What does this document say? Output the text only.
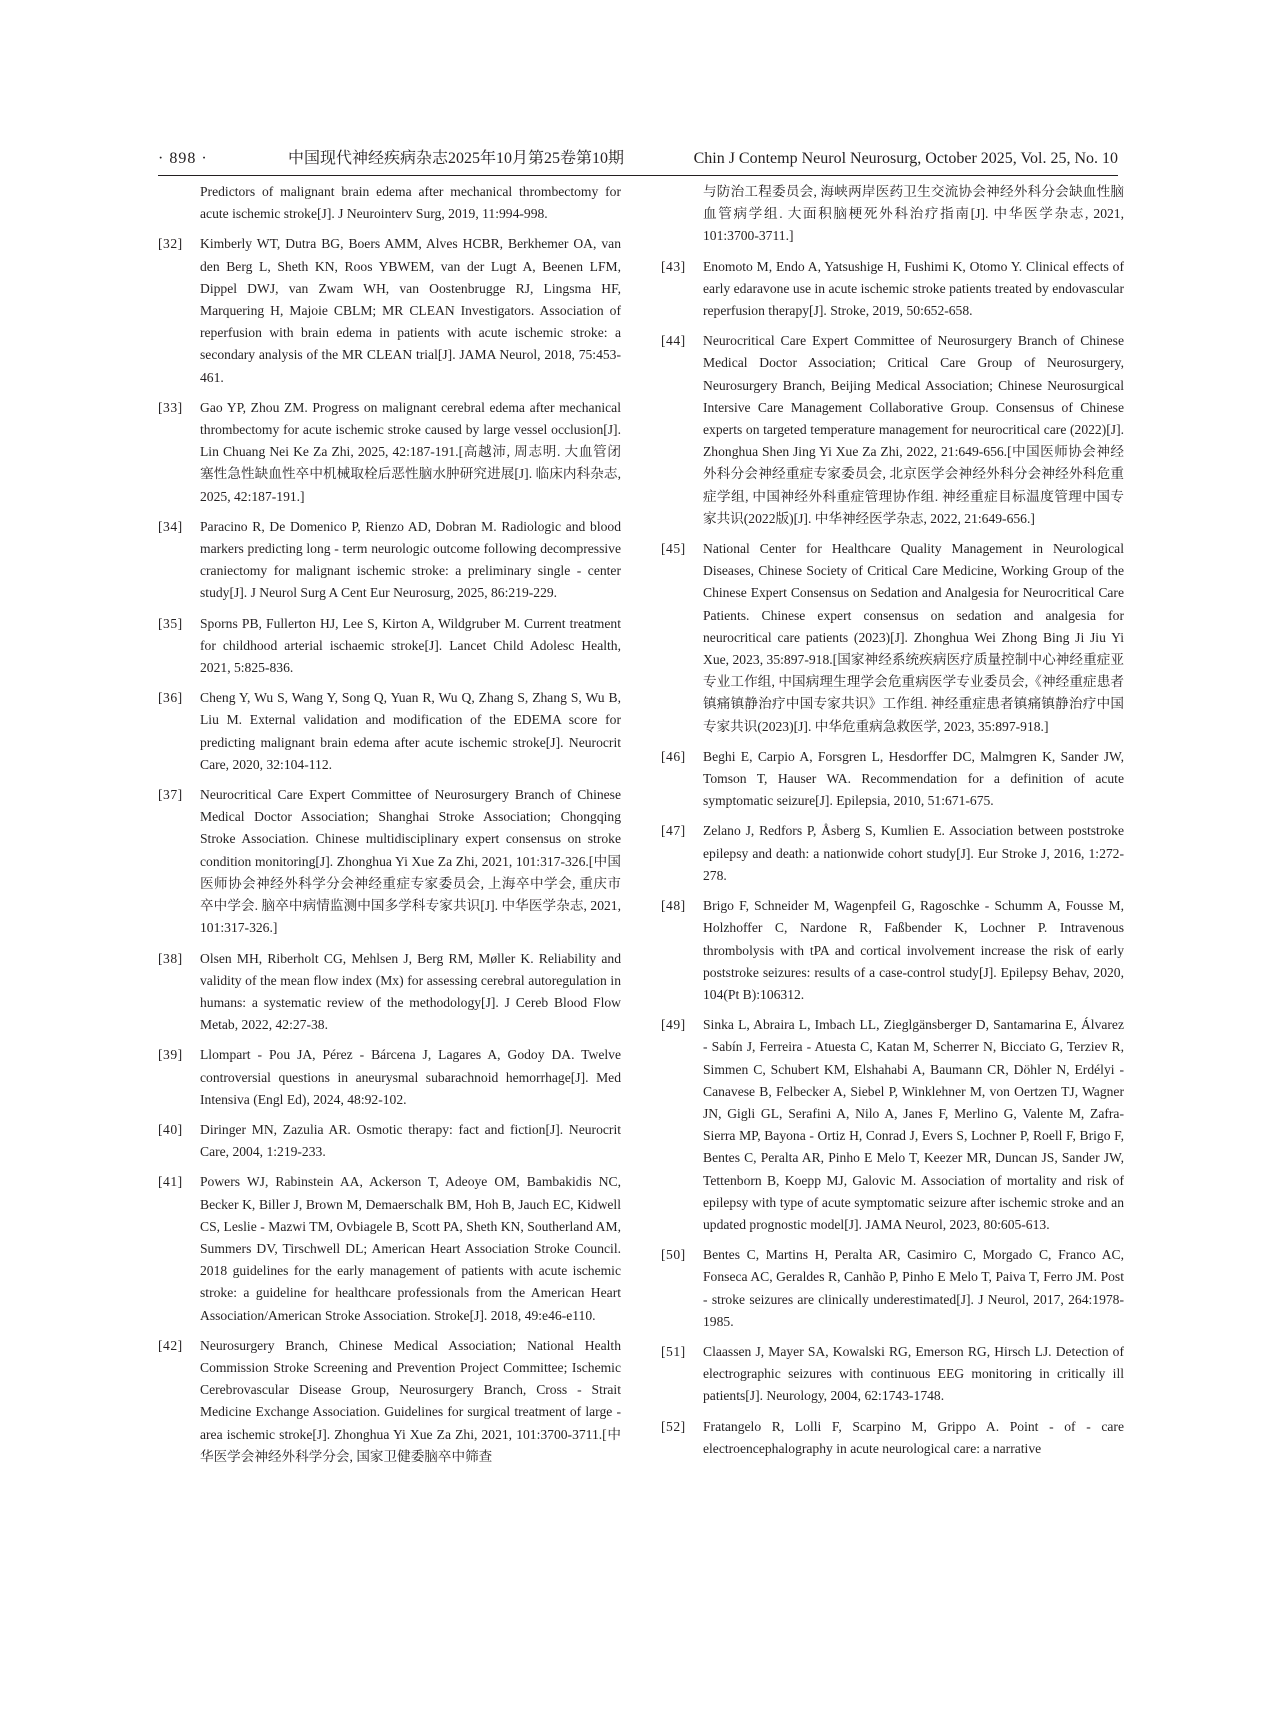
· 898 ·	中国现代神经疾病杂志2025年10月第25卷第10期	Chin J Contemp Neurol Neurosurg, October 2025, Vol. 25, No. 10
Predictors of malignant brain edema after mechanical thrombectomy for acute ischemic stroke[J]. J Neurointerv Surg, 2019, 11:994-998.
[32] Kimberly WT, Dutra BG, Boers AMM, Alves HCBR, Berkhemer OA, van den Berg L, Sheth KN, Roos YBWEM, van der Lugt A, Beenen LFM, Dippel DWJ, van Zwam WH, van Oostenbrugge RJ, Lingsma HF, Marquering H, Majoie CBLM; MR CLEAN Investigators. Association of reperfusion with brain edema in patients with acute ischemic stroke: a secondary analysis of the MR CLEAN trial[J]. JAMA Neurol, 2018, 75:453-461.
[33] Gao YP, Zhou ZM. Progress on malignant cerebral edema after mechanical thrombectomy for acute ischemic stroke caused by large vessel occlusion[J]. Lin Chuang Nei Ke Za Zhi, 2025, 42:187-191.[高越沛, 周志明. 大血管闭塞性急性缺血性卒中机械取栓后恶性脑水肿研究进展[J]. 临床内科杂志, 2025, 42:187-191.]
[34] Paracino R, De Domenico P, Rienzo AD, Dobran M. Radiologic and blood markers predicting long - term neurologic outcome following decompressive craniectomy for malignant ischemic stroke: a preliminary single - center study[J]. J Neurol Surg A Cent Eur Neurosurg, 2025, 86:219-229.
[35] Sporns PB, Fullerton HJ, Lee S, Kirton A, Wildgruber M. Current treatment for childhood arterial ischaemic stroke[J]. Lancet Child Adolesc Health, 2021, 5:825-836.
[36] Cheng Y, Wu S, Wang Y, Song Q, Yuan R, Wu Q, Zhang S, Zhang S, Wu B, Liu M. External validation and modification of the EDEMA score for predicting malignant brain edema after acute ischemic stroke[J]. Neurocrit Care, 2020, 32:104-112.
[37] Neurocritical Care Expert Committee of Neurosurgery Branch of Chinese Medical Doctor Association; Shanghai Stroke Association; Chongqing Stroke Association. Chinese multidisciplinary expert consensus on stroke condition monitoring[J]. Zhonghua Yi Xue Za Zhi, 2021, 101:317-326.[中国医师协会神经外科学分会神经重症专家委员会, 上海卒中学会, 重庆市卒中学会. 脑卒中病情监测中国多学科专家共识[J]. 中华医学杂志, 2021, 101:317-326.]
[38] Olsen MH, Riberholt CG, Mehlsen J, Berg RM, Møller K. Reliability and validity of the mean flow index (Mx) for assessing cerebral autoregulation in humans: a systematic review of the methodology[J]. J Cereb Blood Flow Metab, 2022, 42:27-38.
[39] Llompart - Pou JA, Pérez - Bárcena J, Lagares A, Godoy DA. Twelve controversial questions in aneurysmal subarachnoid hemorrhage[J]. Med Intensiva (Engl Ed), 2024, 48:92-102.
[40] Diringer MN, Zazulia AR. Osmotic therapy: fact and fiction[J]. Neurocrit Care, 2004, 1:219-233.
[41] Powers WJ, Rabinstein AA, Ackerson T, Adeoye OM, Bambakidis NC, Becker K, Biller J, Brown M, Demaerschalk BM, Hoh B, Jauch EC, Kidwell CS, Leslie - Mazwi TM, Ovbiagele B, Scott PA, Sheth KN, Southerland AM, Summers DV, Tirschwell DL; American Heart Association Stroke Council. 2018 guidelines for the early management of patients with acute ischemic stroke: a guideline for healthcare professionals from the American Heart Association/American Stroke Association. Stroke[J]. 2018, 49:e46-e110.
[42] Neurosurgery Branch, Chinese Medical Association; National Health Commission Stroke Screening and Prevention Project Committee; Ischemic Cerebrovascular Disease Group, Neurosurgery Branch, Cross - Strait Medicine Exchange Association. Guidelines for surgical treatment of large - area ischemic stroke[J]. Zhonghua Yi Xue Za Zhi, 2021, 101:3700-3711.[中华医学会神经外科学分会, 国家卫健委脑卒中筛查
与防治工程委员会, 海峡两岸医药卫生交流协会神经外科分会缺血性脑血管病学组. 大面积脑梗死外科治疗指南[J]. 中华医学杂志, 2021, 101:3700-3711.]
[43] Enomoto M, Endo A, Yatsushige H, Fushimi K, Otomo Y. Clinical effects of early edaravone use in acute ischemic stroke patients treated by endovascular reperfusion therapy[J]. Stroke, 2019, 50:652-658.
[44] Neurocritical Care Expert Committee of Neurosurgery Branch of Chinese Medical Doctor Association; Critical Care Group of Neurosurgery, Neurosurgery Branch, Beijing Medical Association; Chinese Neurosurgical Intersive Care Management Collaborative Group. Consensus of Chinese experts on targeted temperature management for neurocritical care (2022)[J]. Zhonghua Shen Jing Yi Xue Za Zhi, 2022, 21:649-656.[中国医师协会神经外科分会神经重症专家委员会, 北京医学会神经外科分会神经外科危重症学组, 中国神经外科重症管理协作组. 神经重症目标温度管理中国专家共识(2022版)[J]. 中华神经医学杂志, 2022, 21:649-656.]
[45] National Center for Healthcare Quality Management in Neurological Diseases, Chinese Society of Critical Care Medicine, Working Group of the Chinese Expert Consensus on Sedation and Analgesia for Neurocritical Care Patients. Chinese expert consensus on sedation and analgesia for neurocritical care patients (2023)[J]. Zhonghua Wei Zhong Bing Ji Jiu Yi Xue, 2023, 35:897-918.[国家神经系统疾病医疗质量控制中心神经重症亚专业工作组, 中国病理生理学会危重病医学专业委员会,《神经重症患者镇痛镇静治疗中国专家共识》工作组. 神经重症患者镇痛镇静治疗中国专家共识(2023)[J]. 中华危重病急救医学, 2023, 35:897-918.]
[46] Beghi E, Carpio A, Forsgren L, Hesdorffer DC, Malmgren K, Sander JW, Tomson T, Hauser WA. Recommendation for a definition of acute symptomatic seizure[J]. Epilepsia, 2010, 51:671-675.
[47] Zelano J, Redfors P, Åsberg S, Kumlien E. Association between poststroke epilepsy and death: a nationwide cohort study[J]. Eur Stroke J, 2016, 1:272-278.
[48] Brigo F, Schneider M, Wagenpfeil G, Ragoschke - Schumm A, Fousse M, Holzhoffer C, Nardone R, Faßbender K, Lochner P. Intravenous thrombolysis with tPA and cortical involvement increase the risk of early poststroke seizures: results of a case-control study[J]. Epilepsy Behav, 2020, 104(Pt B):106312.
[49] Sinka L, Abraira L, Imbach LL, Zieglgänsberger D, Santamarina E, Álvarez - Sabín J, Ferreira - Atuesta C, Katan M, Scherrer N, Bicciato G, Terziev R, Simmen C, Schubert KM, Elshahabi A, Baumann CR, Döhler N, Erdélyi - Canavese B, Felbecker A, Siebel P, Winklehner M, von Oertzen TJ, Wagner JN, Gigli GL, Serafini A, Nilo A, Janes F, Merlino G, Valente M, Zafra-Sierra MP, Bayona - Ortiz H, Conrad J, Evers S, Lochner P, Roell F, Brigo F, Bentes C, Peralta AR, Pinho E Melo T, Keezer MR, Duncan JS, Sander JW, Tettenborn B, Koepp MJ, Galovic M. Association of mortality and risk of epilepsy with type of acute symptomatic seizure after ischemic stroke and an updated prognostic model[J]. JAMA Neurol, 2023, 80:605-613.
[50] Bentes C, Martins H, Peralta AR, Casimiro C, Morgado C, Franco AC, Fonseca AC, Geraldes R, Canhão P, Pinho E Melo T, Paiva T, Ferro JM. Post - stroke seizures are clinically underestimated[J]. J Neurol, 2017, 264:1978-1985.
[51] Claassen J, Mayer SA, Kowalski RG, Emerson RG, Hirsch LJ. Detection of electrographic seizures with continuous EEG monitoring in critically ill patients[J]. Neurology, 2004, 62:1743-1748.
[52] Fratangelo R, Lolli F, Scarpino M, Grippo A. Point - of - care electroencephalography in acute neurological care: a narrative
